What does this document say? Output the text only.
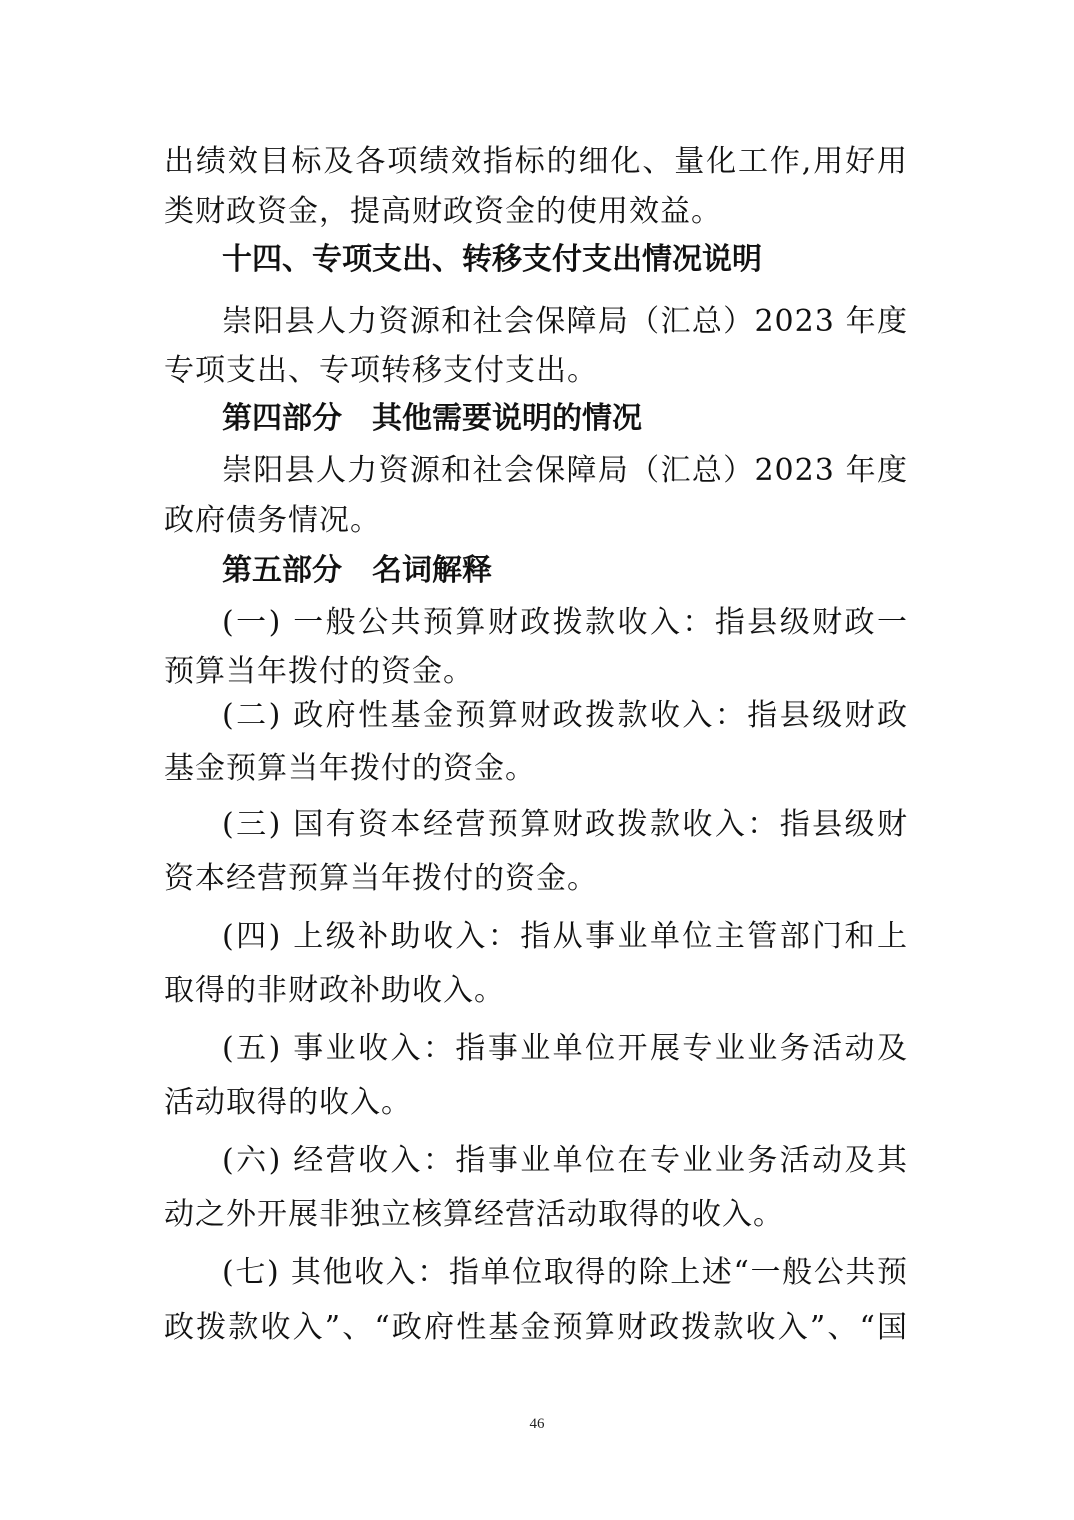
出绩效目标及各项绩效指标的细化、量化工作,用好用
类财政资金，提高财政资金的使用效益。
十四、专项支出、转移支付支出情况说明
崇阳县人力资源和社会保障局（汇总）2023 年度
专项支出、专项转移支付支出。
第四部分　其他需要说明的情况
崇阳县人力资源和社会保障局（汇总）2023 年度
政府债务情况。
第五部分　名词解释
(一) 一般公共预算财政拨款收入：指县级财政一
预算当年拨付的资金。
(二) 政府性基金预算财政拨款收入：指县级财政
基金预算当年拨付的资金。
(三) 国有资本经营预算财政拨款收入：指县级财
资本经营预算当年拨付的资金。
(四) 上级补助收入：指从事业单位主管部门和上
取得的非财政补助收入。
(五) 事业收入：指事业单位开展专业业务活动及
活动取得的收入。
(六) 经营收入：指事业单位在专业业务活动及其
动之外开展非独立核算经营活动取得的收入。
(七) 其他收入：指单位取得的除上述“一般公共预
政拨款收入”、“政府性基金预算财政拨款收入”、“国
46
